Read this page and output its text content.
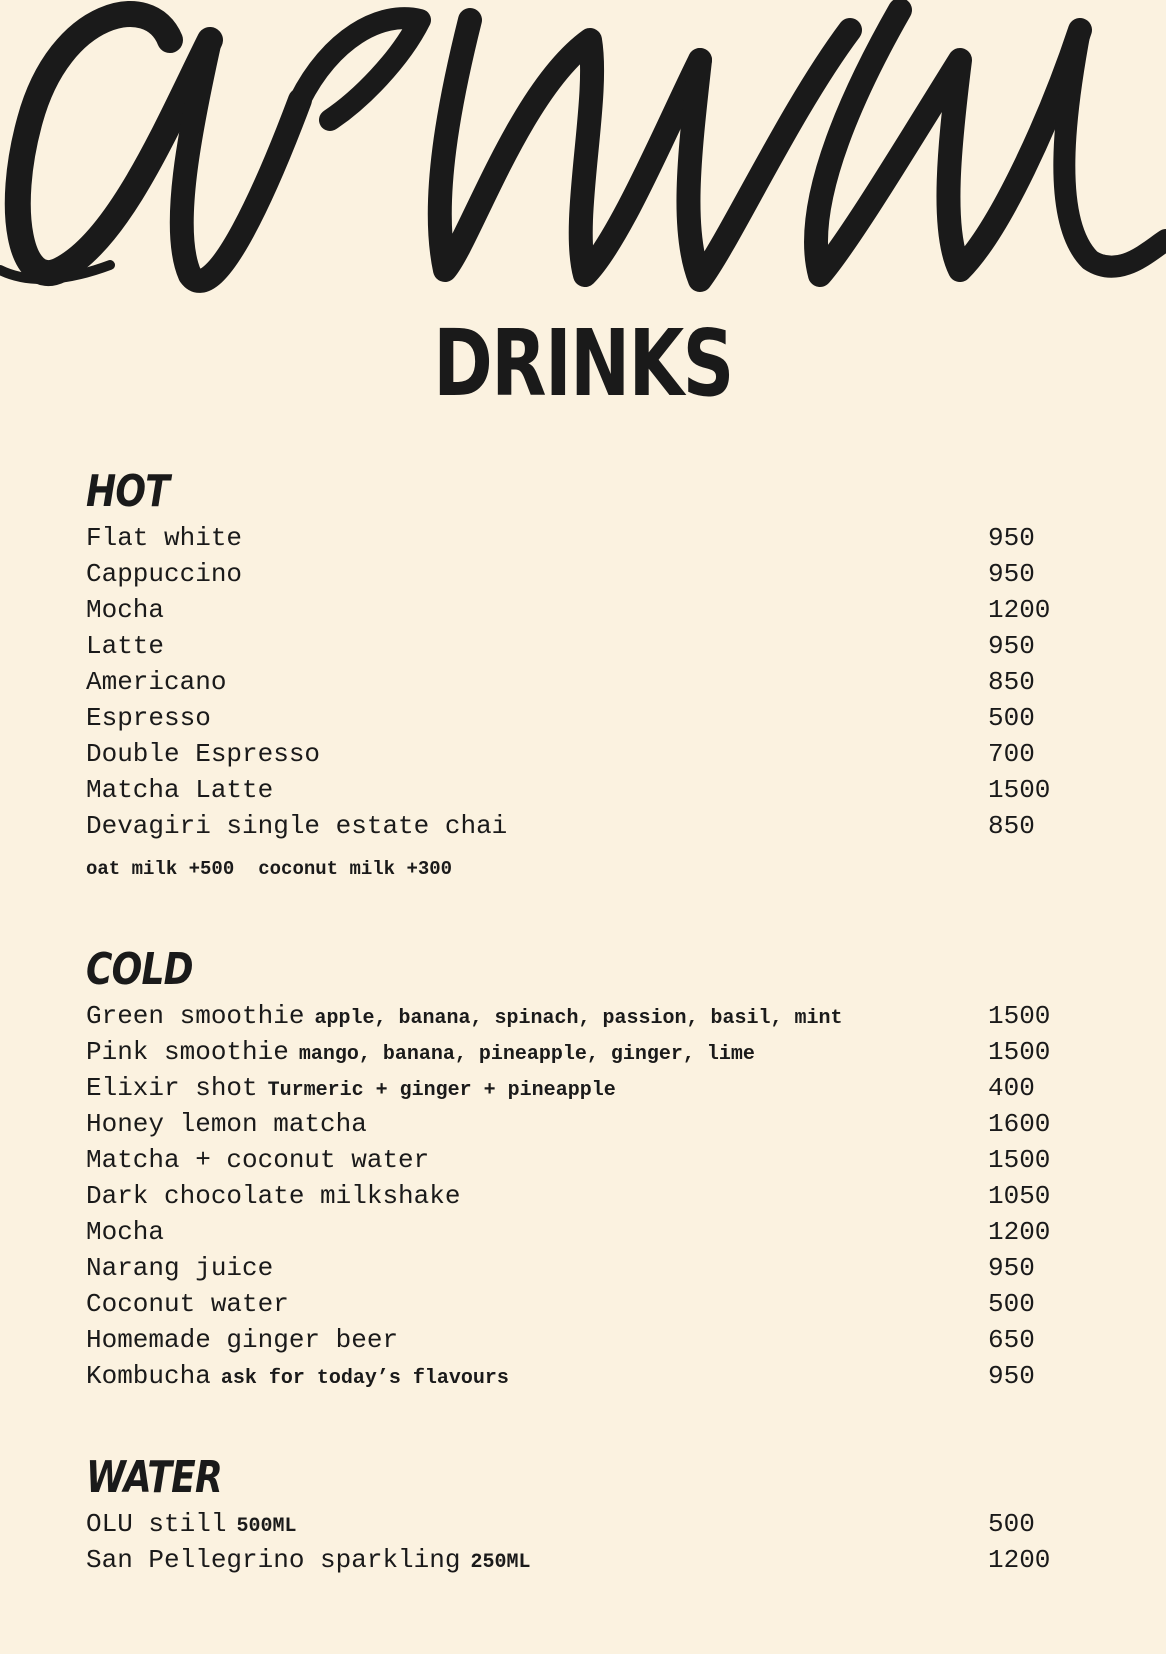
DRINKS
HOT
Flat white	950
Cappuccino	950
Mocha	1200
Latte	950
Americano	850
Espresso	500
Double Espresso	700
Matcha Latte	1500
Devagiri single estate chai	850
oat milk +500 coconut milk +300
COLD
Green smoothie apple, banana, spinach, passion, basil, mint	1500
Pink smoothie mango, banana, pineapple, ginger, lime	1500
Elixir shot Turmeric + ginger + pineapple	400
Honey lemon matcha	1600
Matcha + coconut water	1500
Dark chocolate milkshake	1050
Mocha	1200
Narang juice	950
Coconut water	500
Homemade ginger beer	650
Kombucha ask for today’s flavours	950
WATER
OLU still 500ML	500
San Pellegrino sparkling 250ML	1200
